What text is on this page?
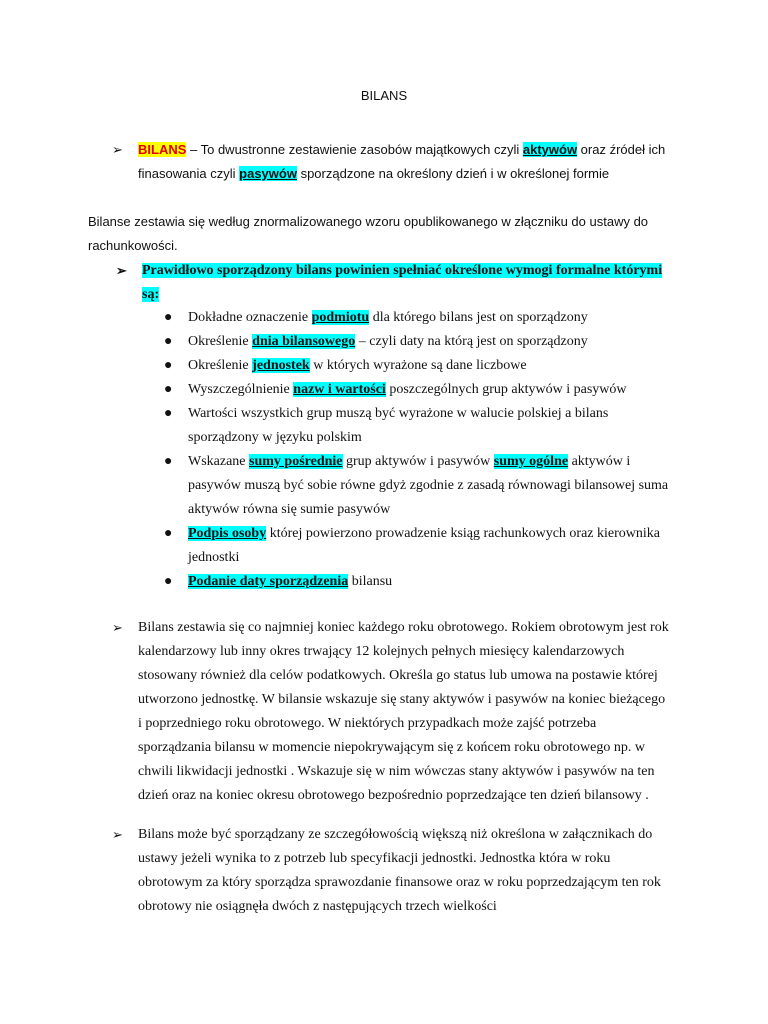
BILANS
➢ BILANS – To dwustronne zestawienie zasobów majątkowych czyli aktywów oraz źródeł ich
finasowania czyli pasywów sporządzone na określony dzień i w określonej formie
Bilanse zestawia się według znormalizowanego wzoru opublikowanego w złączniku do ustawy do
rachunkowości.
➢ Prawidłowo sporządzony bilans powinien spełniać określone wymogi formalne którymi
są:
● Dokładne oznaczenie podmiotu dla którego bilans jest on sporządzony
● Określenie dnia bilansowego – czyli daty na którą jest on sporządzony
● Określenie jednostek w których wyrażone są dane liczbowe
● Wyszczególnienie nazw i wartości poszczególnych grup aktywów i pasywów
● Wartości wszystkich grup muszą być wyrażone w walucie polskiej a bilans
sporządzony w języku polskim
● Wskazane sumy pośrednie grup aktywów i pasywów sumy ogólne aktywów i
pasywów muszą być sobie równe gdyż zgodnie z zasadą równowagi bilansowej suma
aktywów równa się sumie pasywów
● Podpis osoby której powierzono prowadzenie ksiąg rachunkowych oraz kierownika
jednostki
● Podanie daty sporządzenia bilansu
➢ Bilans zestawia się co najmniej koniec każdego roku obrotowego. Rokiem obrotowym jest rok
kalendarzowy lub inny okres trwający 12 kolejnych pełnych miesięcy kalendarzowych
stosowany również dla celów podatkowych. Określa go status lub umowa na postawie której
utworzono jednostkę. W bilansie wskazuje się stany aktywów i pasywów na koniec bieżącego
i poprzedniego roku obrotowego. W niektórych przypadkach może zajść potrzeba
sporządzania bilansu w momencie niepokrywającym się z końcem roku obrotowego np. w
chwili likwidacji jednostki . Wskazuje się w nim wówczas stany aktywów i pasywów na ten
dzień oraz na koniec okresu obrotowego bezpośrednio poprzedzające ten dzień bilansowy .
➢ Bilans może być sporządzany ze szczegółowością większą niż określona w załącznikach do
ustawy jeżeli wynika to z potrzeb lub specyfikacji jednostki. Jednostka która w roku
obrotowym za który sporządza sprawozdanie finansowe oraz w roku poprzedzającym ten rok
obrotowy nie osiągnęła dwóch z następujących trzech wielkości
